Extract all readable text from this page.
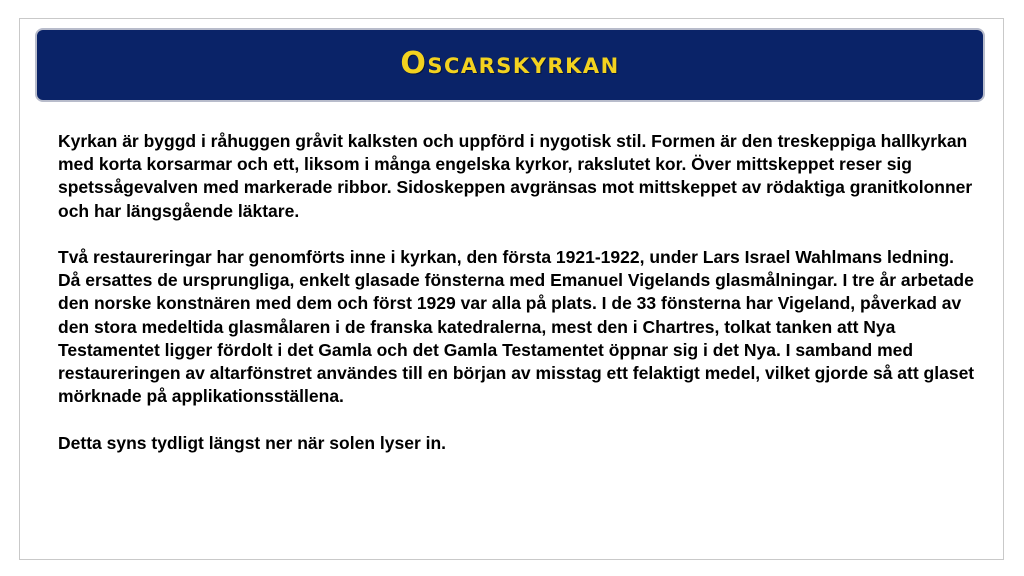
Oscarskyrkan

Kyrkan är byggd i råhuggen gråvit kalksten och uppförd i nygotisk stil. Formen är den treskeppiga hallkyrkan med korta korsarmar och ett, liksom i många engelska kyrkor, rakslutet kor. Över mittskeppet reser sig spetssågevalven med markerade ribbor. Sidoskeppen avgränsas mot mittskeppet av rödaktiga granitkolonner och har längsgående läktare.

Två restaureringar har genomförts inne i kyrkan, den första 1921-1922, under Lars Israel Wahlmans ledning. Då ersattes de ursprungliga, enkelt glasade fönsterna med Emanuel Vigelands glasmålningar. I tre år arbetade den norske konstnären med dem och först 1929 var alla på plats. I de 33 fönsterna har Vigeland, påverkad av den stora medeltida glasmålaren i de franska katedralerna, mest den i Chartres, tolkat tanken att Nya Testamentet ligger fördolt i det Gamla och det Gamla Testamentet öppnar sig i det Nya. I samband med restaureringen av altarfönstret användes till en början av misstag ett felaktigt medel, vilket gjorde så att glaset mörknade på applikationsställena.

Detta syns tydligt längst ner när solen lyser in.
